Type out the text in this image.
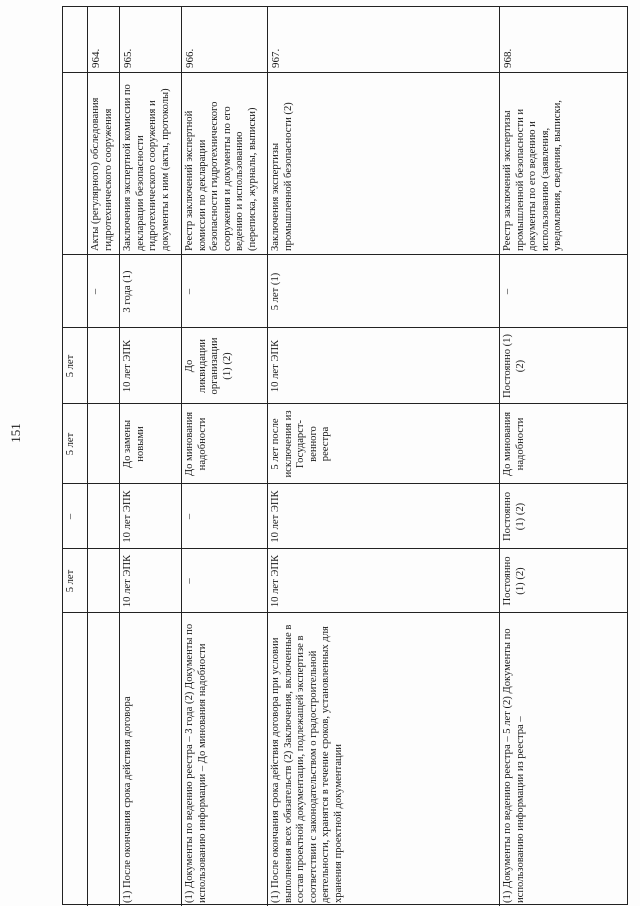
151
5 лет
5 лет
–
5 лет
964.
Акты (регулярного) обследования гидротехнического сооружения
–
965.
Заключения экспертной комиссии по декларации безопасности гидротехнического сооружения и документы к ним (акты, протоколы)
3 года (1)
10 лет ЭПК
До замены новыми
10 лет ЭПК
10 лет ЭПК
(1) После окончания срока действия договора
966.
Реестр заключений экспертной комиссии по декларации безопасности гидротехнического сооружения и документы по его ведению и использованию (переписка, журналы, выписки)
–
До ликвидации организации (1) (2)
До минования надобности
–
–
(1) Документы по ведению реестра – 3 года (2) Документы по использованию информации – До минования надобности
967.
Заключения экспертизы промышленной безопасности (2)
5 лет (1)
10 лет ЭПК
5 лет после исключения из Государст-венного реестра
10 лет ЭПК
10 лет ЭПК
(1) После окончания срока действия договора при условии выполнения всех обязательств (2) Заключения, включенные в состав проектной документации, подлежащей экспертизе в соответствии с законодательством о градостроительной деятельности, хранятся в течение сроков, установленных для хранения проектной документации
968.
Реестр заключений экспертизы промышленной безопасности и документы по его ведению и использованию (заявления, уведомления, сведения, выписки,
–
Постоянно (1) (2)
До минования надобности
Постоянно (1) (2)
Постоянно (1) (2)
(1) Документы по ведению реестра – 5 лет (2) Документы по использованию информации из реестра –
